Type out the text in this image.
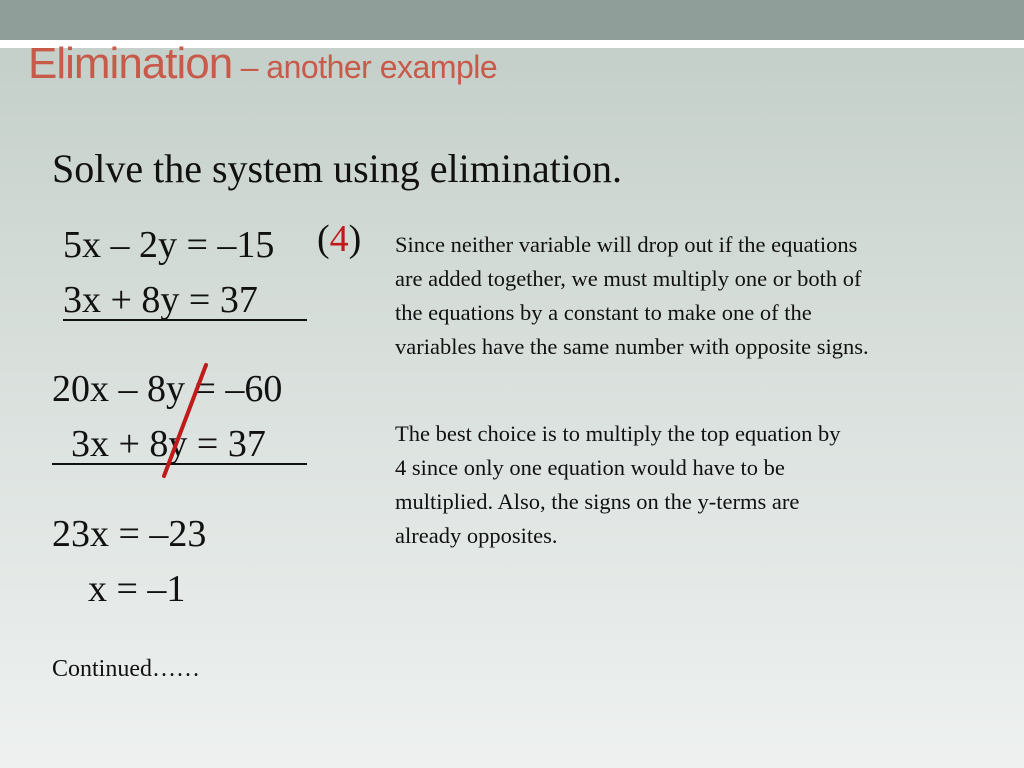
Elimination – another example
Solve the system using elimination.
5x – 2y = –15 (4)
3x + 8y = 37
20x – 8y = –60
3x + 8y = 37
23x = –23
x = –1
Since neither variable will drop out if the equations
are added together, we must multiply one or both of
the equations by a constant to make one of the
variables have the same number with opposite signs.
The best choice is to multiply the top equation by
4 since only one equation would have to be
multiplied. Also, the signs on the y-terms are
already opposites.
Continued……
